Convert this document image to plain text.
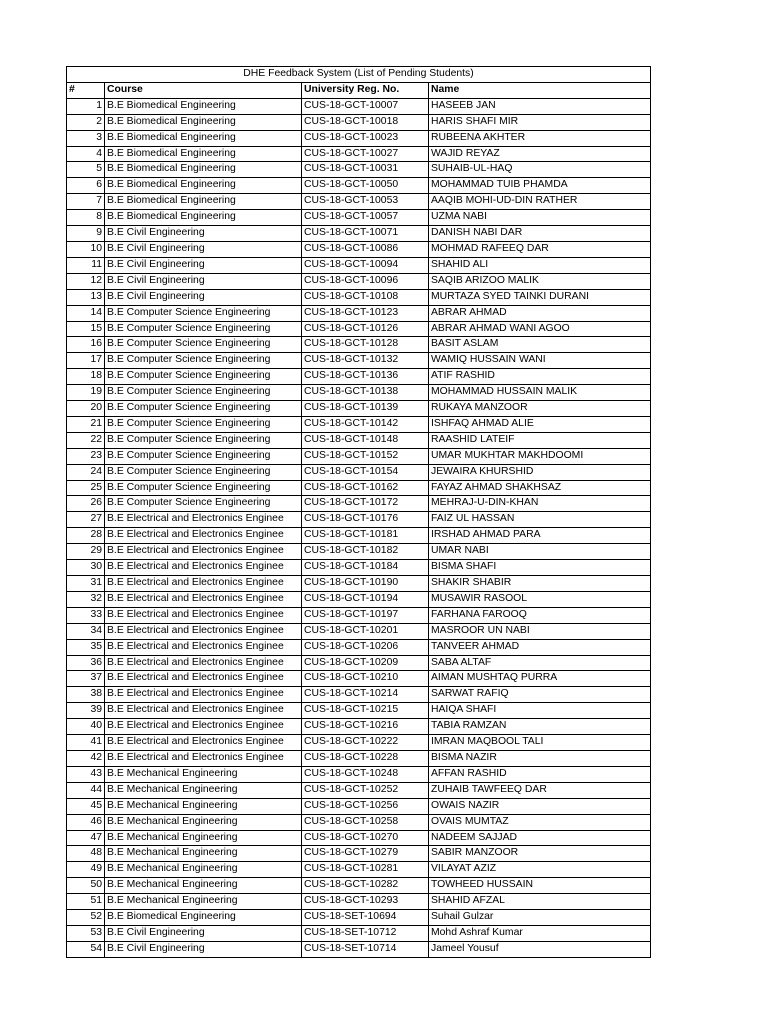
DHE Feedback System (List of Pending Students)			
#	Course	University Reg. No.	Name
1	B.E Biomedical Engineering	CUS-18-GCT-10007	HASEEB JAN
2	B.E Biomedical Engineering	CUS-18-GCT-10018	HARIS SHAFI MIR
3	B.E Biomedical Engineering	CUS-18-GCT-10023	RUBEENA AKHTER
4	B.E Biomedical Engineering	CUS-18-GCT-10027	WAJID REYAZ
5	B.E Biomedical Engineering	CUS-18-GCT-10031	SUHAIB-UL-HAQ
6	B.E Biomedical Engineering	CUS-18-GCT-10050	MOHAMMAD TUIB PHAMDA
7	B.E Biomedical Engineering	CUS-18-GCT-10053	AAQIB MOHI-UD-DIN RATHER
8	B.E Biomedical Engineering	CUS-18-GCT-10057	UZMA NABI
9	B.E Civil Engineering	CUS-18-GCT-10071	DANISH NABI DAR
10	B.E Civil Engineering	CUS-18-GCT-10086	MOHMAD RAFEEQ DAR
11	B.E Civil Engineering	CUS-18-GCT-10094	SHAHID ALI
12	B.E Civil Engineering	CUS-18-GCT-10096	SAQIB ARIZOO MALIK
13	B.E Civil Engineering	CUS-18-GCT-10108	MURTAZA SYED TAINKI DURANI
14	B.E Computer Science Engineering	CUS-18-GCT-10123	ABRAR AHMAD
15	B.E Computer Science Engineering	CUS-18-GCT-10126	ABRAR AHMAD WANI AGOO
16	B.E Computer Science Engineering	CUS-18-GCT-10128	BASIT ASLAM
17	B.E Computer Science Engineering	CUS-18-GCT-10132	WAMIQ HUSSAIN WANI
18	B.E Computer Science Engineering	CUS-18-GCT-10136	ATIF RASHID
19	B.E Computer Science Engineering	CUS-18-GCT-10138	MOHAMMAD HUSSAIN MALIK
20	B.E Computer Science Engineering	CUS-18-GCT-10139	RUKAYA MANZOOR
21	B.E Computer Science Engineering	CUS-18-GCT-10142	ISHFAQ AHMAD ALIE
22	B.E Computer Science Engineering	CUS-18-GCT-10148	RAASHID LATEIF
23	B.E Computer Science Engineering	CUS-18-GCT-10152	UMAR MUKHTAR MAKHDOOMI
24	B.E Computer Science Engineering	CUS-18-GCT-10154	JEWAIRA KHURSHID
25	B.E Computer Science Engineering	CUS-18-GCT-10162	FAYAZ AHMAD SHAKHSAZ
26	B.E Computer Science Engineering	CUS-18-GCT-10172	MEHRAJ-U-DIN-KHAN
27	B.E Electrical and Electronics Enginee	CUS-18-GCT-10176	FAIZ UL HASSAN
28	B.E Electrical and Electronics Enginee	CUS-18-GCT-10181	IRSHAD AHMAD PARA
29	B.E Electrical and Electronics Enginee	CUS-18-GCT-10182	UMAR NABI
30	B.E Electrical and Electronics Enginee	CUS-18-GCT-10184	BISMA SHAFI
31	B.E Electrical and Electronics Enginee	CUS-18-GCT-10190	SHAKIR SHABIR
32	B.E Electrical and Electronics Enginee	CUS-18-GCT-10194	MUSAWIR RASOOL
33	B.E Electrical and Electronics Enginee	CUS-18-GCT-10197	FARHANA FAROOQ
34	B.E Electrical and Electronics Enginee	CUS-18-GCT-10201	MASROOR UN NABI
35	B.E Electrical and Electronics Enginee	CUS-18-GCT-10206	TANVEER AHMAD
36	B.E Electrical and Electronics Enginee	CUS-18-GCT-10209	SABA ALTAF
37	B.E Electrical and Electronics Enginee	CUS-18-GCT-10210	AIMAN MUSHTAQ PURRA
38	B.E Electrical and Electronics Enginee	CUS-18-GCT-10214	SARWAT RAFIQ
39	B.E Electrical and Electronics Enginee	CUS-18-GCT-10215	HAIQA SHAFI
40	B.E Electrical and Electronics Enginee	CUS-18-GCT-10216	TABIA RAMZAN
41	B.E Electrical and Electronics Enginee	CUS-18-GCT-10222	IMRAN MAQBOOL TALI
42	B.E Electrical and Electronics Enginee	CUS-18-GCT-10228	BISMA NAZIR
43	B.E Mechanical Engineering	CUS-18-GCT-10248	AFFAN RASHID
44	B.E Mechanical Engineering	CUS-18-GCT-10252	ZUHAIB TAWFEEQ DAR
45	B.E Mechanical Engineering	CUS-18-GCT-10256	OWAIS NAZIR
46	B.E Mechanical Engineering	CUS-18-GCT-10258	OVAIS MUMTAZ
47	B.E Mechanical Engineering	CUS-18-GCT-10270	NADEEM SAJJAD
48	B.E Mechanical Engineering	CUS-18-GCT-10279	SABIR MANZOOR
49	B.E Mechanical Engineering	CUS-18-GCT-10281	VILAYAT AZIZ
50	B.E Mechanical Engineering	CUS-18-GCT-10282	TOWHEED HUSSAIN
51	B.E Mechanical Engineering	CUS-18-GCT-10293	SHAHID AFZAL
52	B.E Biomedical Engineering	CUS-18-SET-10694	Suhail Gulzar
53	B.E Civil Engineering	CUS-18-SET-10712	Mohd Ashraf Kumar
54	B.E Civil Engineering	CUS-18-SET-10714	Jameel Yousuf
